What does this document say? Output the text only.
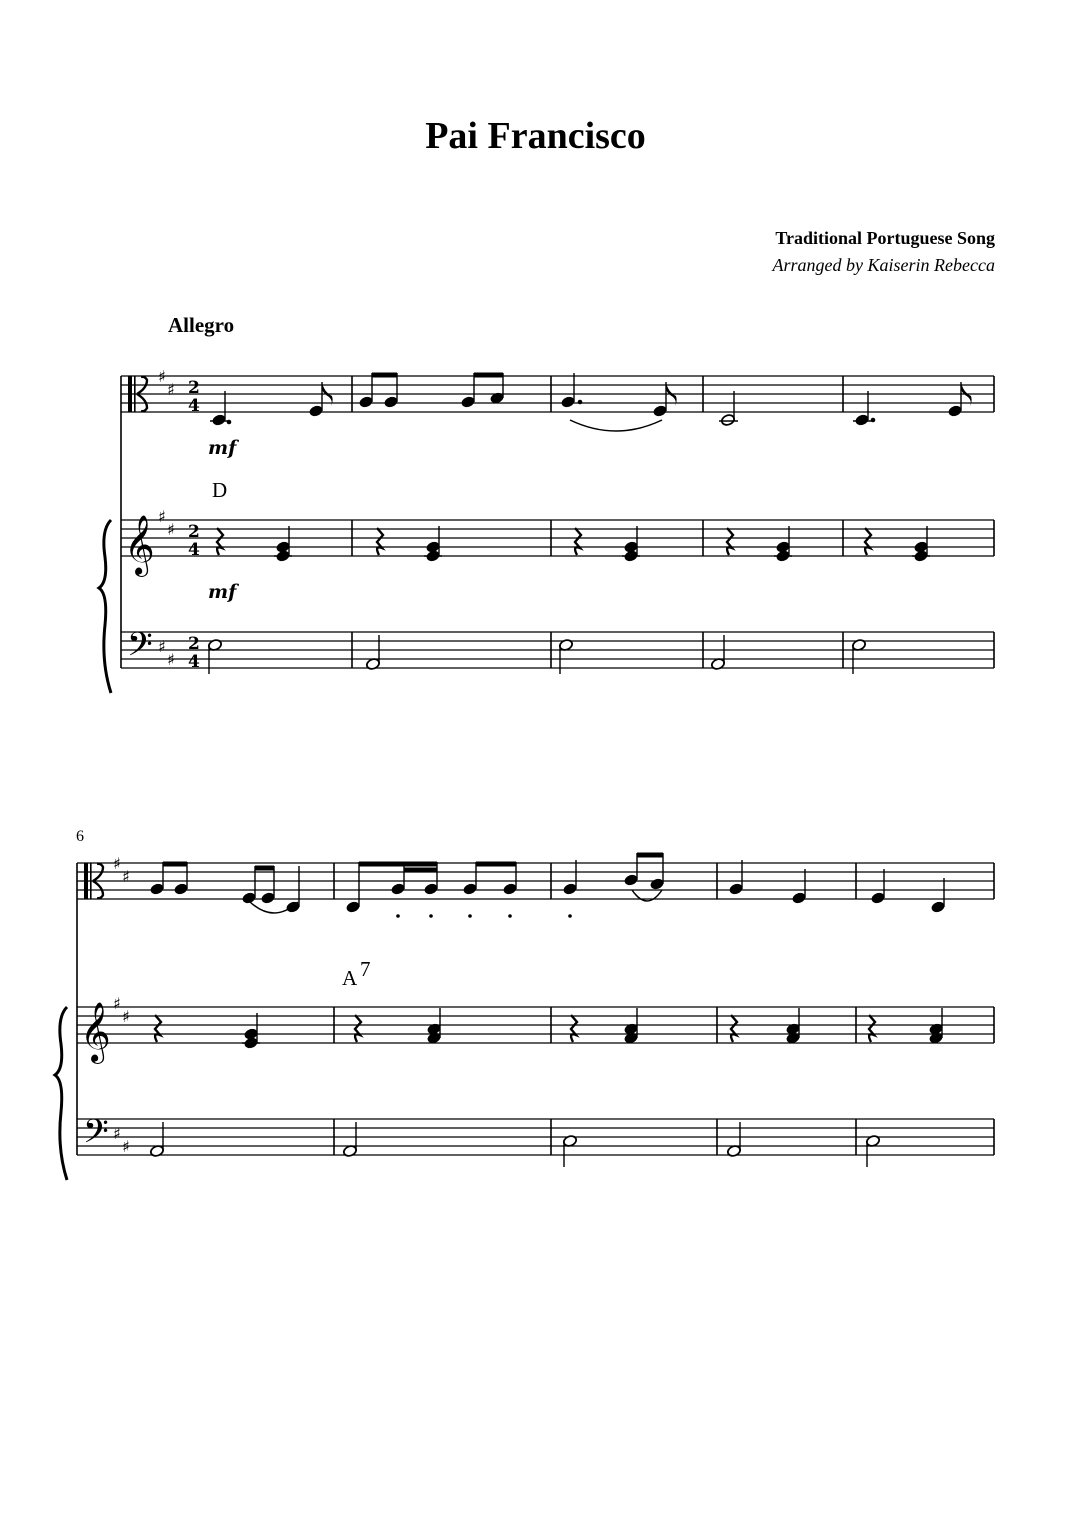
Pai Francisco
Traditional Portuguese Song
Arranged by Kaiserin Rebecca
Allegro
♯
♯ 2
4
𝄞 ♯
♯ 2
4
𝄢 ♯
♯
2
4
mf
mf
D
6
♯
♯
𝄞 ♯
♯
𝄢 ♯
♯
A 7
